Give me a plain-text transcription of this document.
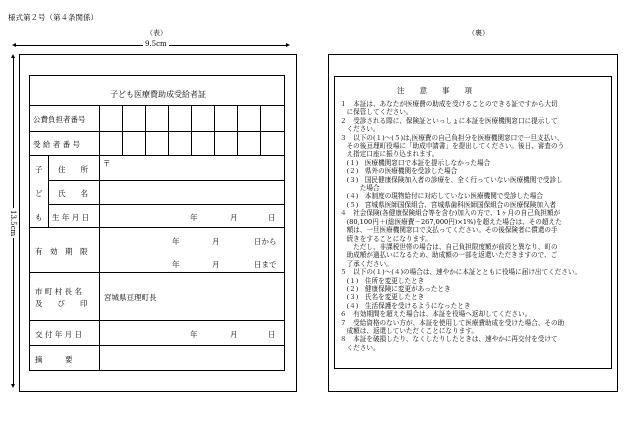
様式第２号（第４条関係）
（表）	（裏）
9.5cm
13.5cm
子ども医療費助成受給者証
公費負担者番号
受 給 者 番 号
子
ど
も
住　　所
〒
氏　　名
生 年 月 日	年	月	日
有　効　期　限
年	月	日から
年	月	日まで
市 町 村 長 名
及　　び　　印
宮城県亘理町長
交 付 年 月 日	年	月	日
摘　　　要
注　　意　　事　　項

１　本証は、あなたが医療費の助成を受けることのできる証ですから大切

　に保管してください。

２　受診される際に、保険証といっしょに本証を医療機関窓口に提示して

　ください。

３　以下の(１)～(５)は,医療費の自己負担分を医療機関窓口で一旦支払い、

　その後亘理町役場に「助成申請書」を提出してください。後日、審査のう

　え指定口座に振り込まれます。

　(１)　医療機関窓口で本証を提示しなかった場合

　(２)　県外の医療機関を受診した場合

　(３)　国民健康保険加入者の診療を、全く行っていない医療機関で受診し

　　　た場合

　(４)　本制度の現物給付に対応していない医療機関で受診した場合

　(５)　宮城県医師国保組合、宮城県歯科医師国保組合の医療保険加入者

４　社会保険(各健康保険組合等を含む)加入の方で、1ヶ月の自己負担額が

　(80,100円＋(総医療費－267,000円)×1%)を超えた場合は、その超えた

　額は、一旦医療機関窓口で支払ってください。その後保険者に償還の手

　続きをすることになります。

　　ただし、非課税世帯の場合は、自己負担限度額が前段と異なり、町の

　助成額が過払いになるため、助成額の一部を返還いただきますので、ご

　了承ください。

５　以下の(１)～(４)の場合は、速やかに本証とともに役場に届け出てください。

　(１)　住所を変更したとき

　(２)　健康保険に変更があったとき

　(３)　氏名を変更したとき

　(４)　生活保護を受けるようになったとき

６　有効期間を超えた場合は、本証を役場へ返却してください。

７　受給資格のない方が、本証を使用して医療費助成を受けた場合、その助

　成額は、返還していただくことになります。

８　本証を破損したり、なくしたりしたときは、速やかに再交付を受けて

　ください。
